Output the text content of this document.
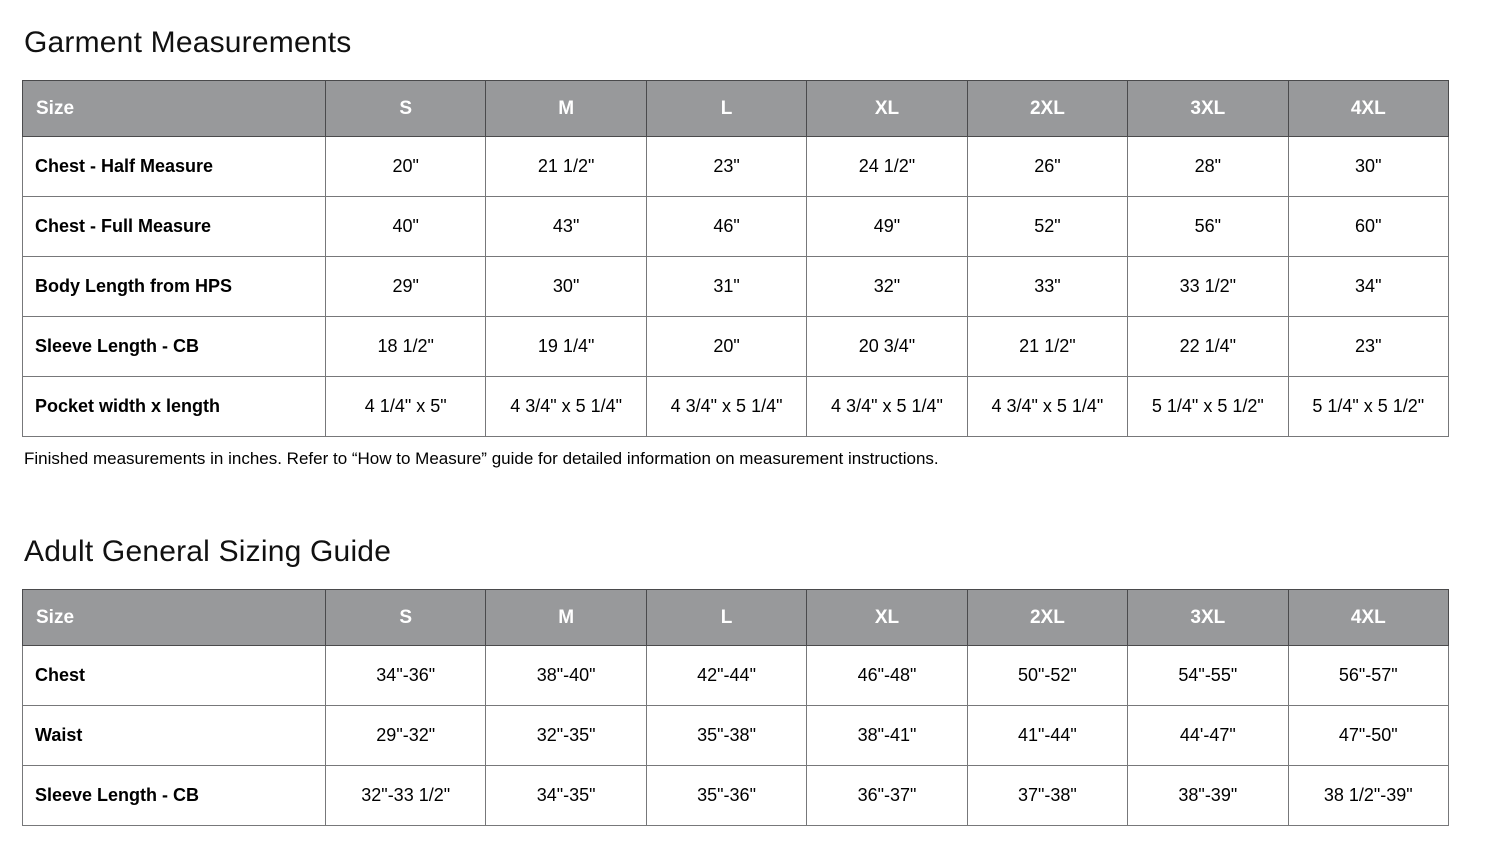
Garment Measurements
Size	S	M	L	XL	2XL	3XL	4XL
Chest - Half Measure	20"	21 1/2"	23"	24 1/2"	26"	28"	30"
Chest - Full Measure	40"	43"	46"	49"	52"	56"	60"
Body Length from HPS	29"	30"	31"	32"	33"	33 1/2"	34"
Sleeve Length - CB	18 1/2"	19 1/4"	20"	20 3/4"	21 1/2"	22 1/4"	23"
Pocket width x length	4 1/4" x 5"	4 3/4" x 5 1/4"	4 3/4" x 5 1/4"	4 3/4" x 5 1/4"	4 3/4" x 5 1/4"	5 1/4" x 5 1/2"	5 1/4" x 5 1/2"

Finished measurements in inches. Refer to “How to Measure” guide for detailed information on measurement instructions.

Adult General Sizing Guide
Size	S	M	L	XL	2XL	3XL	4XL
Chest	34"-36"	38"-40"	42"-44"	46"-48"	50"-52"	54"-55"	56"-57"
Waist	29"-32"	32"-35"	35"-38"	38"-41"	41"-44"	44'-47"	47"-50"
Sleeve Length - CB	32"-33 1/2"	34"-35"	35"-36"	36"-37"	37"-38"	38"-39"	38 1/2"-39"
